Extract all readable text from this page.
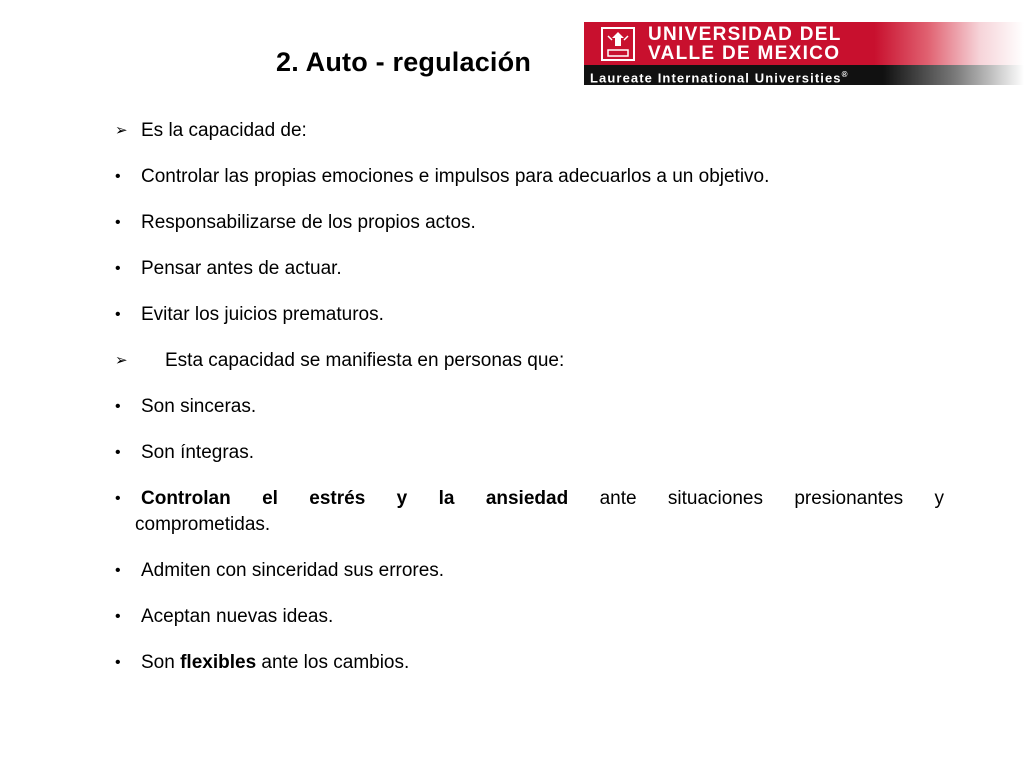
2. Auto - regulación
UNIVERSIDAD DEL
VALLE DE MEXICO
Laureate International Universities®
➢ Es la capacidad de:
• Controlar las propias emociones e impulsos para adecuarlos a un objetivo.
• Responsabilizarse de los propios actos.
• Pensar antes de actuar.
• Evitar los juicios prematuros.
➢ Esta capacidad se manifiesta en personas que:
• Son sinceras.
• Son íntegras.
• Controlan el estrés y la ansiedad ante situaciones presionantes y
comprometidas.
• Admiten con sinceridad sus errores.
• Aceptan nuevas ideas.
• Son flexibles ante los cambios.
